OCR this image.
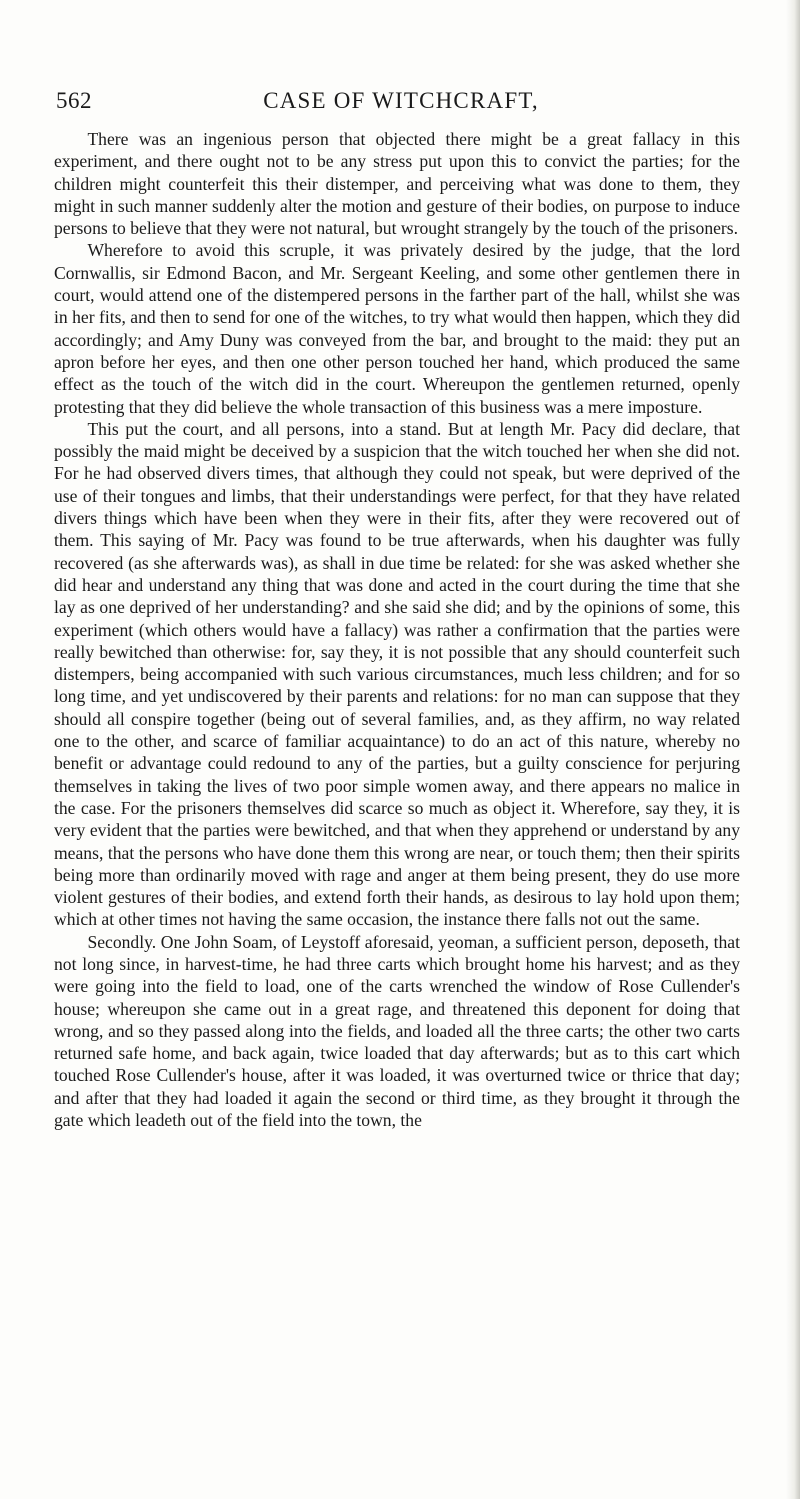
562	CASE OF WITCHCRAFT,

There was an ingenious person that objected there might be a great fallacy in this experiment, and there ought not to be any stress put upon this to convict the parties; for the children might counterfeit this their distemper, and perceiving what was done to them, they might in such manner suddenly alter the motion and gesture of their bodies, on purpose to induce persons to believe that they were not natural, but wrought strangely by the touch of the prisoners.

Wherefore to avoid this scruple, it was privately desired by the judge, that the lord Cornwallis, sir Edmond Bacon, and Mr. Sergeant Keeling, and some other gentlemen there in court, would attend one of the distempered persons in the farther part of the hall, whilst she was in her fits, and then to send for one of the witches, to try what would then happen, which they did accordingly; and Amy Duny was conveyed from the bar, and brought to the maid: they put an apron before her eyes, and then one other person touched her hand, which produced the same effect as the touch of the witch did in the court. Whereupon the gentlemen returned, openly protesting that they did believe the whole transaction of this business was a mere imposture.

This put the court, and all persons, into a stand. But at length Mr. Pacy did declare, that possibly the maid might be deceived by a suspicion that the witch touched her when she did not. For he had observed divers times, that although they could not speak, but were deprived of the use of their tongues and limbs, that their understandings were perfect, for that they have related divers things which have been when they were in their fits, after they were recovered out of them. This saying of Mr. Pacy was found to be true afterwards, when his daughter was fully recovered (as she afterwards was), as shall in due time be related: for she was asked whether she did hear and understand any thing that was done and acted in the court during the time that she lay as one deprived of her understanding? and she said she did; and by the opinions of some, this experiment (which others would have a fallacy) was rather a confirmation that the parties were really bewitched than otherwise: for, say they, it is not possible that any should counterfeit such distempers, being accompanied with such various circumstances, much less children; and for so long time, and yet undiscovered by their parents and relations: for no man can suppose that they should all conspire together (being out of several families, and, as they affirm, no way related one to the other, and scarce of familiar acquaintance) to do an act of this nature, whereby no benefit or advantage could redound to any of the parties, but a guilty conscience for perjuring themselves in taking the lives of two poor simple women away, and there appears no malice in the case. For the prisoners themselves did scarce so much as object it. Wherefore, say they, it is very evident that the parties were bewitched, and that when they apprehend or understand by any means, that the persons who have done them this wrong are near, or touch them; then their spirits being more than ordinarily moved with rage and anger at them being present, they do use more violent gestures of their bodies, and extend forth their hands, as desirous to lay hold upon them; which at other times not having the same occasion, the instance there falls not out the same.

Secondly. One John Soam, of Leystoff aforesaid, yeoman, a sufficient person, deposeth, that not long since, in harvest-time, he had three carts which brought home his harvest; and as they were going into the field to load, one of the carts wrenched the window of Rose Cullender's house; whereupon she came out in a great rage, and threatened this deponent for doing that wrong, and so they passed along into the fields, and loaded all the three carts; the other two carts returned safe home, and back again, twice loaded that day afterwards; but as to this cart which touched Rose Cullender's house, after it was loaded, it was overturned twice or thrice that day; and after that they had loaded it again the second or third time, as they brought it through the gate which leadeth out of the field into the town, the
